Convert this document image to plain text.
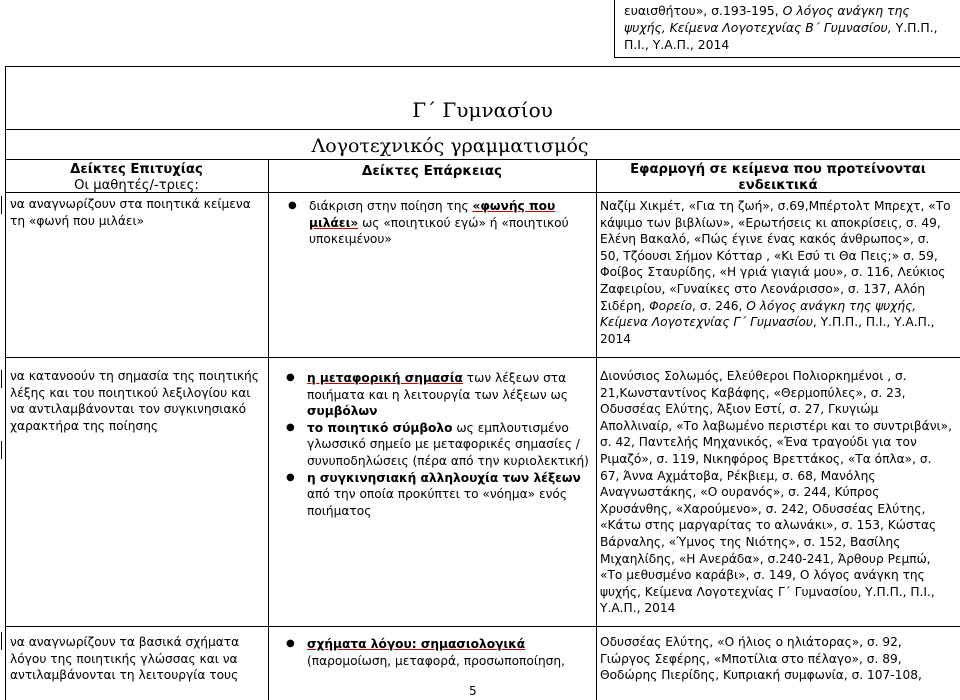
ευαισθήτου», σ.193-195, Ο λόγος ανάγκη της ψυχής, Κείμενα Λογοτεχνίας Β΄ Γυμνασίου, Υ.Π.Π., Π.Ι., Υ.Α.Π., 2014
Γ΄ Γυμνασίου
Λογοτεχνικός γραμματισμός
Δείκτες Επιτυχίας
Οι μαθητές/-τριες:
Δείκτες Επάρκειας	Εφαρμογή σε κείμενα που προτείνονται ενδεικτικά
να αναγνωρίζουν στα ποιητικά κείμενα τη «φωνή που μιλάει»
● διάκριση στην ποίηση της «φωνής που μιλάει» ως «ποιητικού εγώ» ή «ποιητικού υποκειμένου»
Ναζίμ Χικμέτ, «Για τη ζωή», σ.69,Μπέρτολτ Μπρεχτ, «Το κάψιμο των βιβλίων», «Ερωτήσεις κι αποκρίσεις, σ. 49, Ελένη Βακαλό, «Πώς έγινε ένας κακός άνθρωπος», σ. 50, Τζόουσι Σήμον Κότταρ , «Κι Εσύ τι Θα Πεις;» σ. 59, Φοίβος Σταυρίδης, «Η γριά γιαγιά μου», σ. 116, Λεύκιος Ζαφειρίου, «Γυναίκες στο Λεονάρισσο», σ. 137, Αλόη Σιδέρη, Φορείο, σ. 246, Ο λόγος ανάγκη της ψυχής, Κείμενα Λογοτεχνίας Γ΄ Γυμνασίου, Υ.Π.Π., Π.Ι., Υ.Α.Π., 2014
να κατανοούν τη σημασία της ποιητικής λέξης και του ποιητικού λεξιλογίου και να αντιλαμβάνονται τον συγκινησιακό χαρακτήρα της ποίησης
● η μεταφορική σημασία των λέξεων στα ποιήματα και η λειτουργία των λέξεων ως συμβόλων
● το ποιητικό σύμβολο ως εμπλουτισμένο γλωσσικό σημείο με μεταφορικές σημασίες / συνυποδηλώσεις (πέρα από την κυριολεκτική)
● η συγκινησιακή αλληλουχία των λέξεων από την οποία προκύπτει το «νόημα» ενός ποιήματος
Διονύσιος Σολωμός, Ελεύθεροι Πολιορκημένοι , σ. 21,Κωνσταντίνος Καβάφης, «Θερμοπύλες», σ. 23, Οδυσσέας Ελύτης, Άξιον Εστί, σ. 27, Γκυγιώμ Απολλιναίρ, «Το λαβωμένο περιστέρι και το συντριβάνι», σ. 42, Παντελής Μηχανικός, «Ένα τραγούδι για τον Ριμαζό», σ. 119, Νικηφόρος Βρεττάκος, «Τα όπλα», σ. 67, Άννα Αχμάτοβα, Ρέκβιεμ, σ. 68, Μανόλης Αναγνωστάκης, «Ο ουρανός», σ. 244, Κύπρος Χρυσάνθης, «Χαρούμενο», σ. 242, Οδυσσέας Ελύτης, «Κάτω στης μαργαρίτας το αλωνάκι», σ. 153, Κώστας Βάρναλης, «Ύμνος της Νιότης», σ. 152, Βασίλης Μιχαηλίδης, «Η Ανεράδα», σ.240-241, Άρθουρ Ρεμπώ, «Το μεθυσμένο καράβι», σ. 149, Ο λόγος ανάγκη της ψυχής, Κείμενα Λογοτεχνίας Γ΄ Γυμνασίου, Υ.Π.Π., Π.Ι., Υ.Α.Π., 2014
να αναγνωρίζουν τα βασικά σχήματα λόγου της ποιητικής γλώσσας και να αντιλαμβάνονται τη λειτουργία τους
● σχήματα λόγου: σημασιολογικά
(παρομοίωση, μεταφορά, προσωποποίηση,
Οδυσσέας Ελύτης, «Ο ήλιος ο ηλιάτορας», σ. 92, Γιώργος Σεφέρης, «Μποτίλια στο πέλαγο», σ. 89, Θοδώρης Πιερίδης, Κυπριακή συμφωνία, σ. 107-108,
5
